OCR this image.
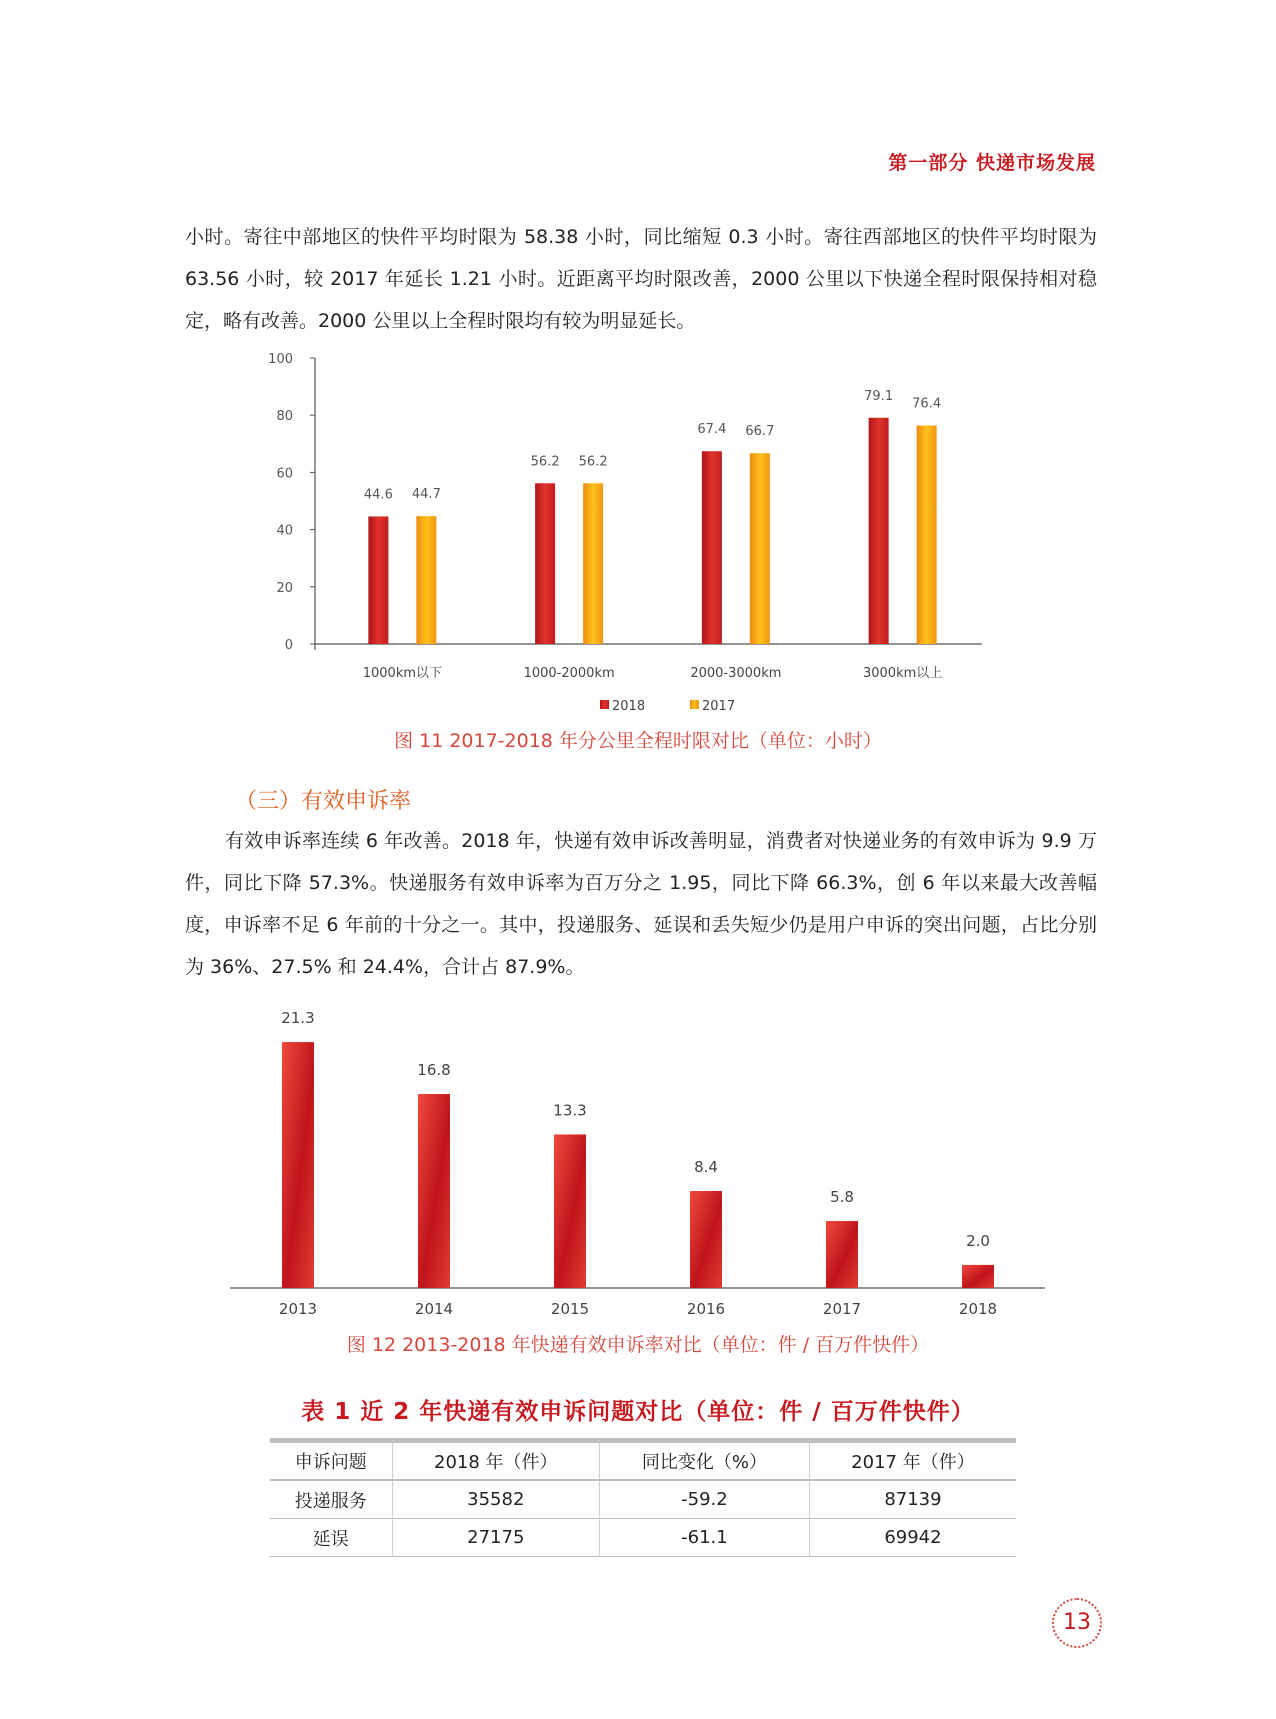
第一部分 快递市场发展

小时。寄往中部地区的快件平均时限为 58.38 小时，同比缩短 0.3 小时。寄往西部地区的快件平均时限为 63.56 小时，较 2017 年延长 1.21 小时。近距离平均时限改善，2000 公里以下快递全程时限保持相对稳定，略有改善。2000 公里以上全程时限均有较为明显延长。

0
20
40
60
80
100
1000km以下	1000-2000km	2000-3000km	3000km以上
44.6 44.7
56.2 56.2
67.4 66.7
79.1
76.4
2018	2017
图 11 2017-2018 年分公里全程时限对比（单位：小时）
（三）有效申诉率

有效申诉率连续 6 年改善。2018 年，快递有效申诉改善明显，消费者对快递业务的有效申诉为 9.9 万件，同比下降 57.3%。快递服务有效申诉率为百万分之 1.95，同比下降 66.3%，创 6 年以来最大改善幅度，申诉率不足 6 年前的十分之一。其中，投递服务、延误和丢失短少仍是用户申诉的突出问题，占比分别为 36%、27.5% 和 24.4%，合计占 87.9%。

2013	2014	2015	2016	2017	2018
21.3
16.8
13.3
8.4
5.8
2.0
图 12 2013-2018 年快递有效申诉率对比（单位：件 / 百万件快件）
表 1 近 2 年快递有效申诉问题对比（单位：件 / 百万件快件）
申诉问题	2018 年（件）	同比变化（%）	2017 年（件）
投递服务	35582	-59.2	87139
延误	27175	-61.1	69942
13
